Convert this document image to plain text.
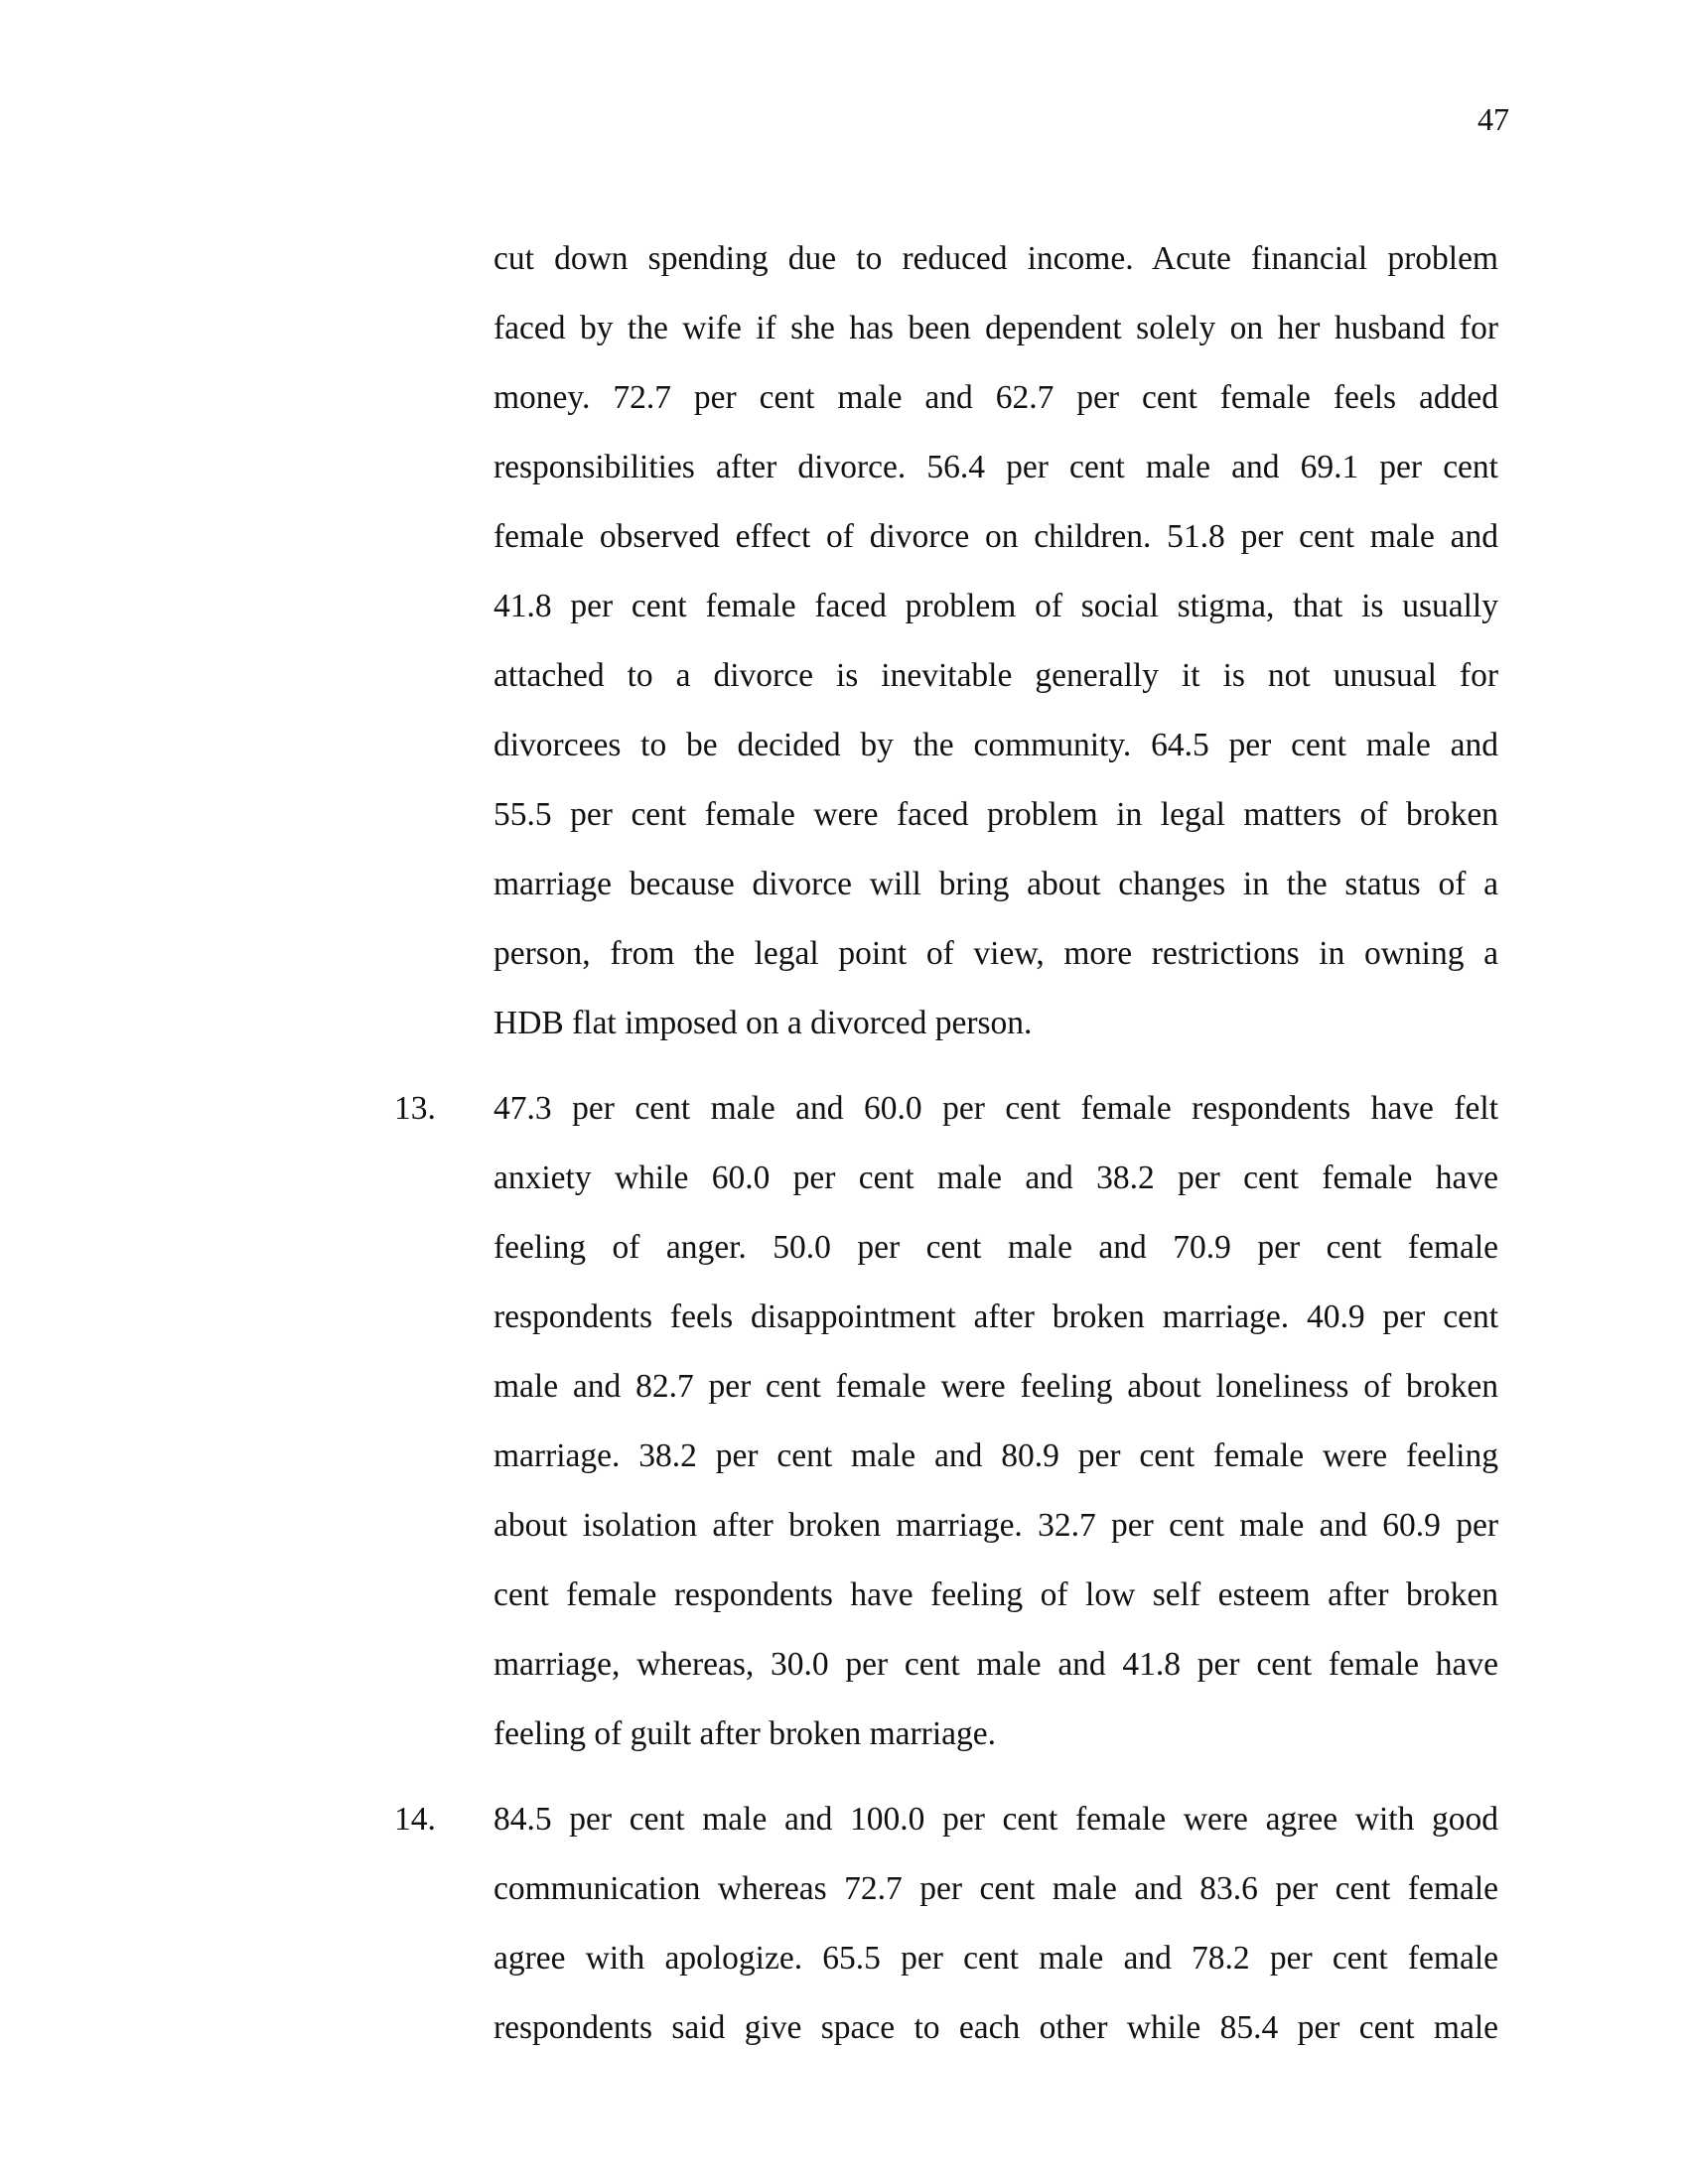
47
cut down spending due to reduced income. Acute financial problem
faced by the wife if she has been dependent solely on her husband for
money. 72.7 per cent male and 62.7 per cent female feels added
responsibilities after divorce. 56.4 per cent male and 69.1 per cent
female observed effect of divorce on children. 51.8 per cent male and
41.8 per cent female faced problem of social stigma, that is usually
attached to a divorce is inevitable generally it is not unusual for
divorcees to be decided by the community. 64.5 per cent male and
55.5 per cent female were faced problem in legal matters of broken
marriage because divorce will bring about changes in the status of a
person, from the legal point of view, more restrictions in owning a
HDB flat imposed on a divorced person.
13. 47.3 per cent male and 60.0 per cent female respondents have felt
anxiety while 60.0 per cent male and 38.2 per cent female have
feeling of anger. 50.0 per cent male and 70.9 per cent female
respondents feels disappointment after broken marriage. 40.9 per cent
male and 82.7 per cent female were feeling about loneliness of broken
marriage. 38.2 per cent male and 80.9 per cent female were feeling
about isolation after broken marriage. 32.7 per cent male and 60.9 per
cent female respondents have feeling of low self esteem after broken
marriage, whereas, 30.0 per cent male and 41.8 per cent female have
feeling of guilt after broken marriage.
14. 84.5 per cent male and 100.0 per cent female were agree with good
communication whereas 72.7 per cent male and 83.6 per cent female
agree with apologize. 65.5 per cent male and 78.2 per cent female
respondents said give space to each other while 85.4 per cent male
